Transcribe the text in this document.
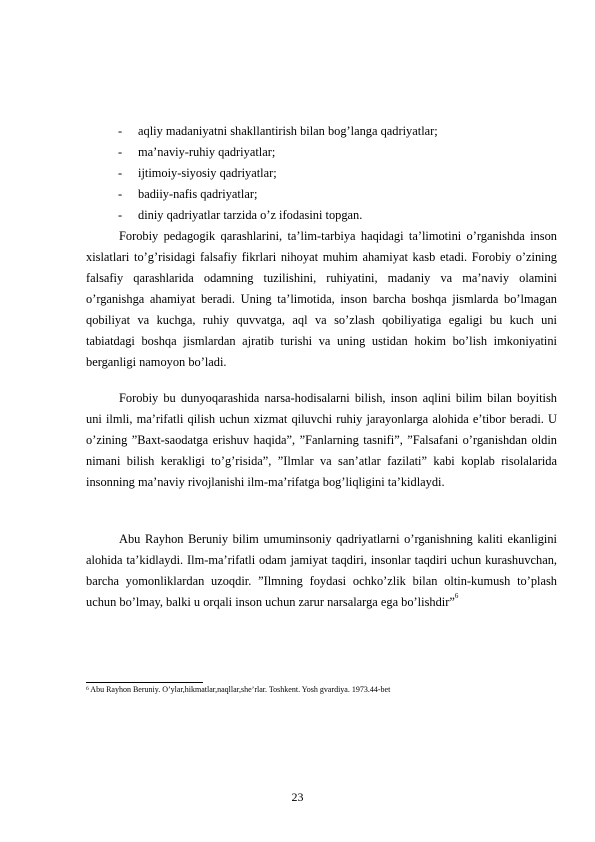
-	aqliy madaniyatni shakllantirish bilan bog’langa qadriyatlar;
-	ma’naviy-ruhiy qadriyatlar;
-	ijtimoiy-siyosiy qadriyatlar;
-	badiiy-nafis qadriyatlar;
-	diniy qadriyatlar tarzida o’z ifodasini topgan.

Forobiy pedagogik qarashlarini, ta’lim-tarbiya haqidagi ta’limotini o’rganishda inson xislatlari to’g’risidagi falsafiy fikrlari nihoyat muhim ahamiyat kasb etadi. Forobiy o’zining falsafiy qarashlarida odamning tuzilishini, ruhiyatini, madaniy va ma’naviy olamini o’rganishga ahamiyat beradi. Uning ta’limotida, inson barcha boshqa jismlarda bo’lmagan qobiliyat va kuchga, ruhiy quvvatga, aql va so’zlash qobiliyatiga egaligi bu kuch uni tabiatdagi boshqa jismlardan ajratib turishi va uning ustidan hokim bo’lish imkoniyatini berganligi namoyon bo’ladi.

Forobiy bu dunyoqarashida narsa-hodisalarni bilish, inson aqlini bilim bilan boyitish uni ilmli, ma’rifatli qilish uchun xizmat qiluvchi ruhiy jarayonlarga alohida e’tibor beradi. U o’zining ”Baxt-saodatga erishuv haqida”, ”Fanlarning tasnifi”, ”Falsafani o’rganishdan oldin nimani bilish kerakligi to’g’risida”, ”Ilmlar va san’atlar fazilati” kabi koplab risolalarida insonning ma’naviy rivojlanishi ilm-ma’rifatga bog’liqligini ta’kidlaydi.

Abu Rayhon Beruniy bilim umuminsoniy qadriyatlarni o’rganishning kaliti ekanligini alohida ta’kidlaydi. Ilm-ma’rifatli odam jamiyat taqdiri, insonlar taqdiri uchun kurashuvchan, barcha yomonliklardan uzoqdir. ”Ilmning foydasi ochko’zlik bilan oltin-kumush to’plash uchun bo’lmay, balki u orqali inson uchun zarur narsalarga ega bo’lishdir”$^6$

$^6$ Abu Rayhon Beruniy. O’ylar,hikmatlar,naqllar,she’rlar. Toshkent. Yosh gvardiya. 1973.44-bet
23
